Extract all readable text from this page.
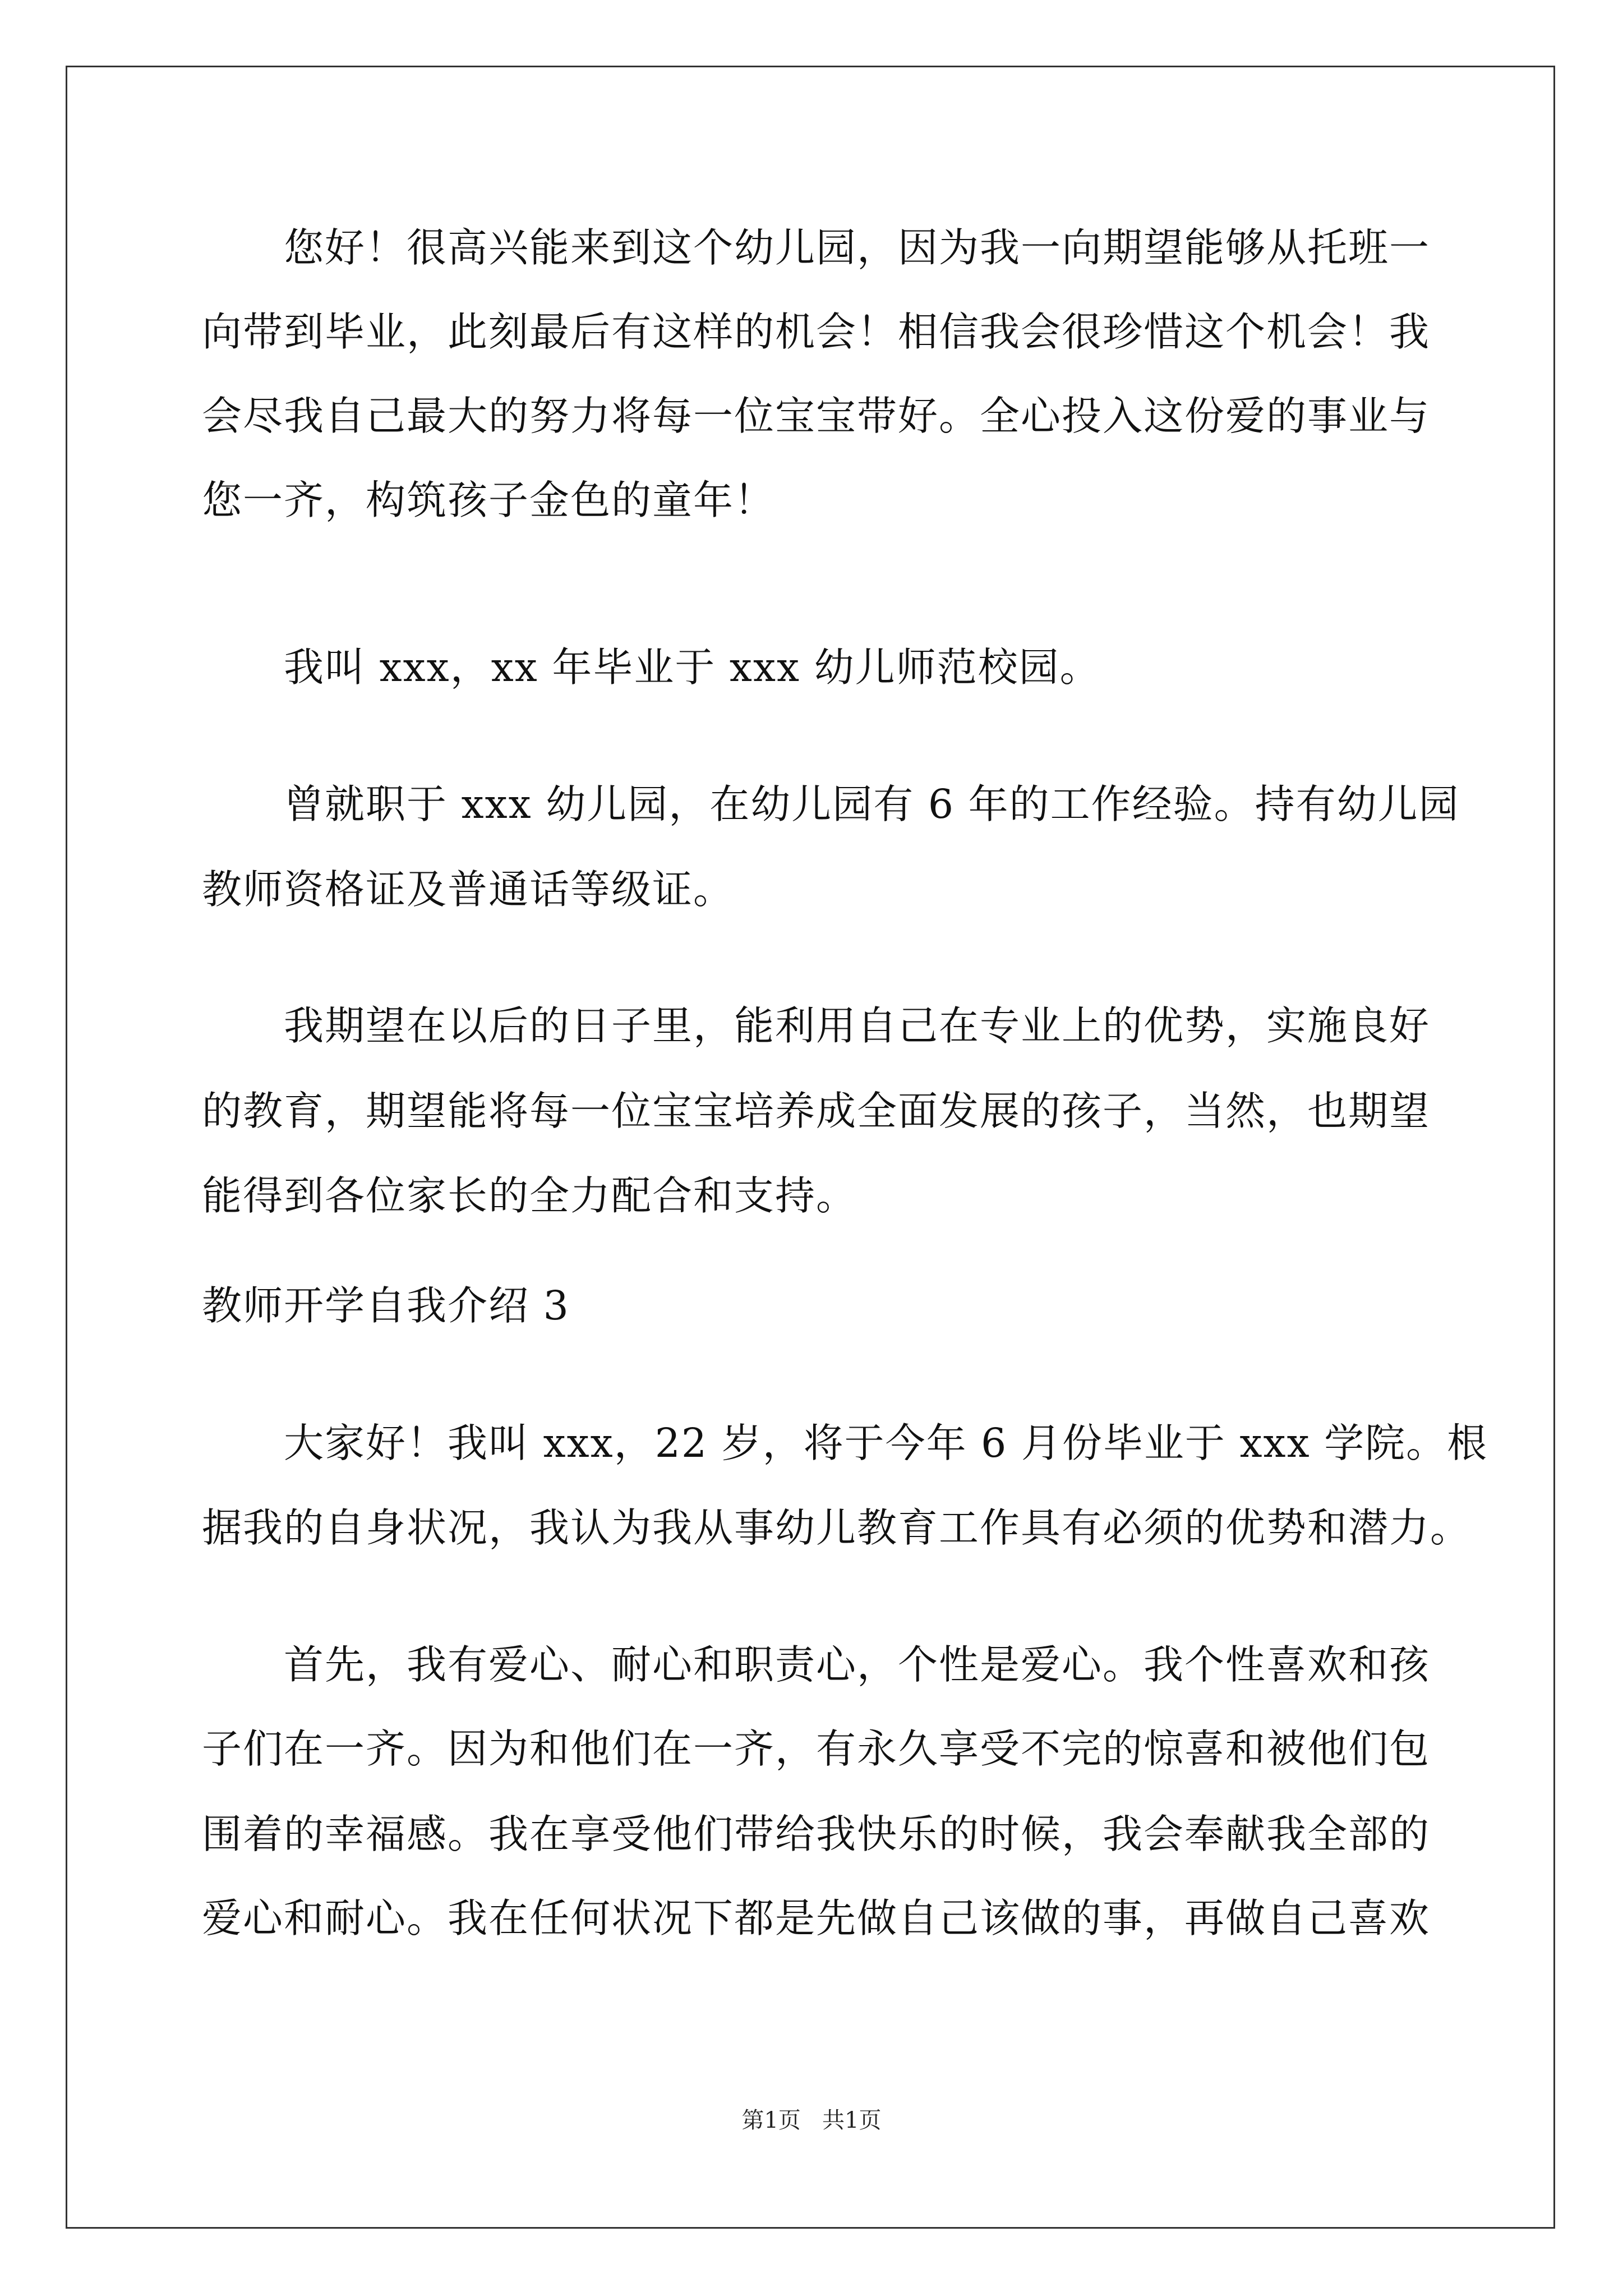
　　您好！很高兴能来到这个幼儿园，因为我一向期望能够从托班一
向带到毕业，此刻最后有这样的机会！相信我会很珍惜这个机会！我
会尽我自己最大的努力将每一位宝宝带好。全心投入这份爱的事业与
您一齐，构筑孩子金色的童年！
　　我叫 xxx，xx 年毕业于 xxx 幼儿师范校园。
　　曾就职于 xxx 幼儿园，在幼儿园有 6 年的工作经验。持有幼儿园
教师资格证及普通话等级证。
　　我期望在以后的日子里，能利用自己在专业上的优势，实施良好
的教育，期望能将每一位宝宝培养成全面发展的孩子，当然，也期望
能得到各位家长的全力配合和支持。
教师开学自我介绍 3
　　大家好！我叫 xxx，22 岁，将于今年 6 月份毕业于 xxx 学院。根
据我的自身状况，我认为我从事幼儿教育工作具有必须的优势和潜力。
　　首先，我有爱心、耐心和职责心，个性是爱心。我个性喜欢和孩
子们在一齐。因为和他们在一齐，有永久享受不完的惊喜和被他们包
围着的幸福感。我在享受他们带给我快乐的时候，我会奉献我全部的
爱心和耐心。我在任何状况下都是先做自己该做的事，再做自己喜欢
第1页   共1页
